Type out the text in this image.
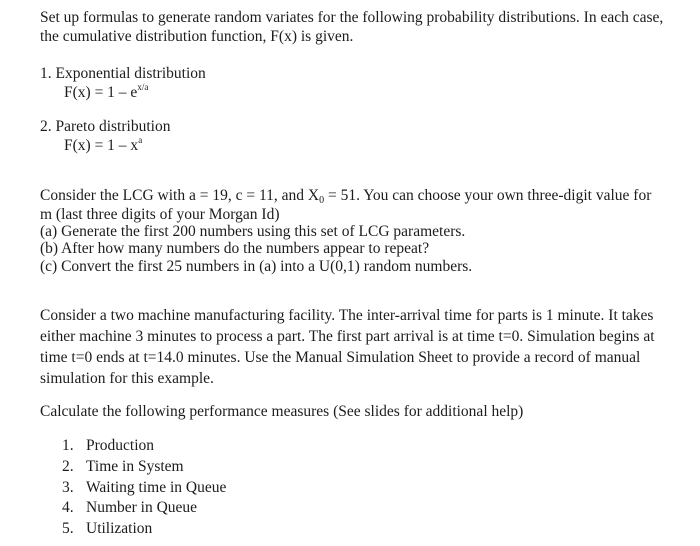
Set up formulas to generate random variates for the following probability distributions. In each case,
the cumulative distribution function, F(x) is given.
1. Exponential distribution
$F(x) = 1 - e^{x/a}$
2. Pareto distribution
$F(x) = 1 - x^a$
Consider the LCG with a = 19, c = 11, and X0 = 51. You can choose your own three-digit value for
m (last three digits of your Morgan Id)
(a) Generate the first 200 numbers using this set of LCG parameters.
(b) After how many numbers do the numbers appear to repeat?
(c) Convert the first 25 numbers in (a) into a U(0,1) random numbers.
Consider a two machine manufacturing facility. The inter-arrival time for parts is 1 minute. It takes
either machine 3 minutes to process a part. The first part arrival is at time t=0. Simulation begins at
time t=0 ends at t=14.0 minutes. Use the Manual Simulation Sheet to provide a record of manual
simulation for this example.
Calculate the following performance measures (See slides for additional help)
1. Production
2. Time in System
3. Waiting time in Queue
4. Number in Queue
5. Utilization
